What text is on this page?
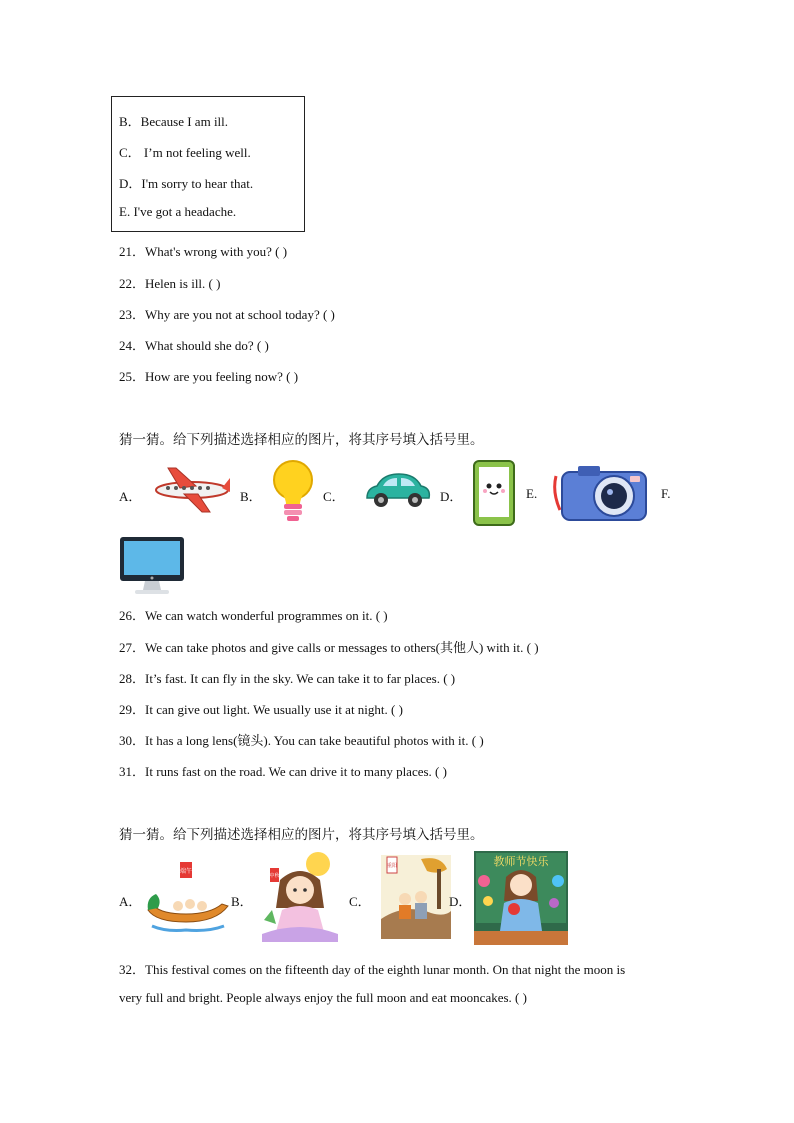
B．Because I am ill.
C． I’m not feeling well.
D．I'm sorry to hear that.
E. I've got a headache.
21．What's wrong with you? ( )
22．Helen is ill. ( )
23．Why are you not at school today? ( )
24．What should she do? ( )
25．How are you feeling now? ( )
猜一猜。给下列描述选择相应的图片，将其序号填入括号里。
A．	B．	C．	D．	E.	F.
26．We can watch wonderful programmes on it. ( )
27．We can take photos and give calls or messages to others(其他人) with it. ( )
28．It’s fast. It can fly in the sky. We can take it to far places. ( )
29．It can give out light. We usually use it at night. ( )
30．It has a long lens(镜头). You can take beautiful photos with it. ( )
31．It runs fast on the road. We can drive it to many places. ( )
猜一猜。给下列描述选择相应的图片，将其序号填入括号里。
A．
端午
B．
中秋
C．
重阳
D．
教师节快乐
32．This festival comes on the fifteenth day of the eighth lunar month. On that night the moon is
very full and bright. People always enjoy the full moon and eat mooncakes. ( )
